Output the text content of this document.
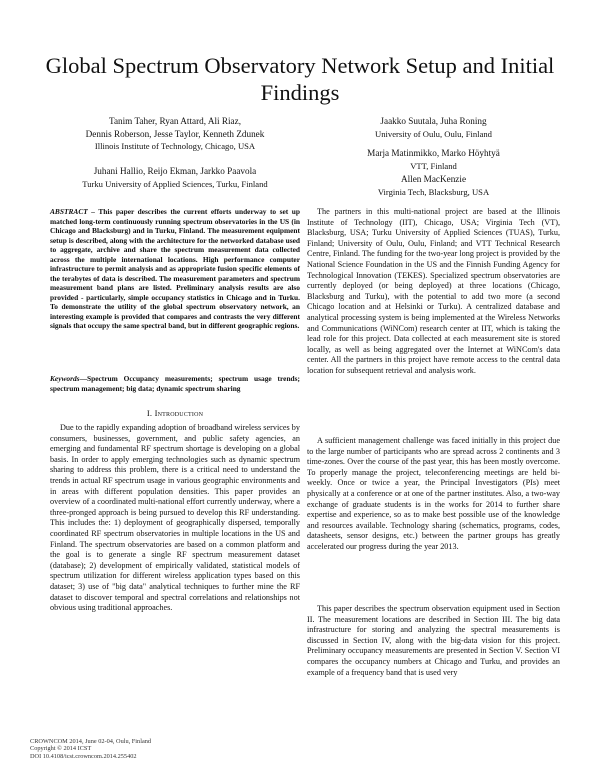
Global Spectrum Observatory Network Setup and Initial Findings
Tanim Taher, Ryan Attard, Ali Riaz,
Dennis Roberson, Jesse Taylor, Kenneth Zdunek
Illinois Institute of Technology, Chicago, USA
Juhani Hallio, Reijo Ekman, Jarkko Paavola
Turku University of Applied Sciences, Turku, Finland
Jaakko Suutala, Juha Roning
University of Oulu, Oulu, Finland
Marja Matinmikko, Marko Höyhtyä
VTT, Finland
Allen MacKenzie
Virginia Tech, Blacksburg, USA

ABSTRACT – This paper describes the current efforts underway to set up matched long-term continuously running spectrum observatories in the US (in Chicago and Blacksburg) and in Turku, Finland. The measurement equipment setup is described, along with the architecture for the networked database used to aggregate, archive and share the spectrum measurement data collected across the multiple international locations. High performance computer infrastructure to permit analysis and as appropriate fusion specific elements of the terabytes of data is described. The measurement parameters and spectrum measurement band plans are listed. Preliminary analysis results are also provided - particularly, simple occupancy statistics in Chicago and in Turku. To demonstrate the utility of the global spectrum observatory network, an interesting example is provided that compares and contrasts the very different signals that occupy the same spectral band, but in different geographic regions.

Keywords—Spectrum Occupancy measurements; spectrum usage trends; spectrum management; big data; dynamic spectrum sharing

I. Introduction

Due to the rapidly expanding adoption of broadband wireless services by consumers, businesses, government, and public safety agencies, an emerging and fundamental RF spectrum shortage is developing on a global basis. In order to apply emerging technologies such as dynamic spectrum sharing to address this problem, there is a critical need to understand the trends in actual RF spectrum usage in various geographic environments and in areas with different population densities. This paper provides an overview of a coordinated multi-national effort currently underway, where a three-pronged approach is being pursued to develop this RF understanding. This includes the: 1) deployment of geographically dispersed, temporally coordinated RF spectrum observatories in multiple locations in the US and Finland. The spectrum observatories are based on a common platform and the goal is to generate a single RF spectrum measurement dataset (database); 2) development of empirically validated, statistical models of spectrum utilization for different wireless application types based on this dataset; 3) use of "big data" analytical techniques to further mine the RF dataset to discover temporal and spectral correlations and relationships not obvious using traditional approaches.

The partners in this multi-national project are based at the Illinois Institute of Technology (IIT), Chicago, USA; Virginia Tech (VT), Blacksburg, USA; Turku University of Applied Sciences (TUAS), Turku, Finland; University of Oulu, Oulu, Finland; and VTT Technical Research Centre, Finland. The funding for the two-year long project is provided by the National Science Foundation in the US and the Finnish Funding Agency for Technological Innovation (TEKES). Specialized spectrum observatories are currently deployed (or being deployed) at three locations (Chicago, Blacksburg and Turku), with the potential to add two more (a second Chicago location and at Helsinki or Turku). A centralized database and analytical processing system is being implemented at the Wireless Networks and Communications (WiNCom) research center at IIT, which is taking the lead role for this project. Data collected at each measurement site is stored locally, as well as being aggregated over the Internet at WiNCom's data center. All the partners in this project have remote access to the central data location for subsequent retrieval and analysis work.

A sufficient management challenge was faced initially in this project due to the large number of participants who are spread across 2 continents and 3 time-zones. Over the course of the past year, this has been mostly overcome. To properly manage the project, teleconferencing meetings are held bi-weekly. Once or twice a year, the Principal Investigators (PIs) meet physically at a conference or at one of the partner institutes. Also, a two-way exchange of graduate students is in the works for 2014 to further share expertise and experience, so as to make best possible use of the knowledge and resources available. Technology sharing (schematics, programs, codes, datasheets, sensor designs, etc.) between the partner groups has greatly accelerated our progress during the year 2013.

This paper describes the spectrum observation equipment used in Section II. The measurement locations are described in Section III. The big data infrastructure for storing and analyzing the spectral measurements is discussed in Section IV, along with the big-data vision for this project. Preliminary occupancy measurements are presented in Section V. Section VI compares the occupancy numbers at Chicago and Turku, and provides an example of a frequency band that is used very

CROWNCOM 2014, June 02-04, Oulu, Finland
Copyright © 2014 ICST
DOI 10.4108/icst.crowncom.2014.255402
